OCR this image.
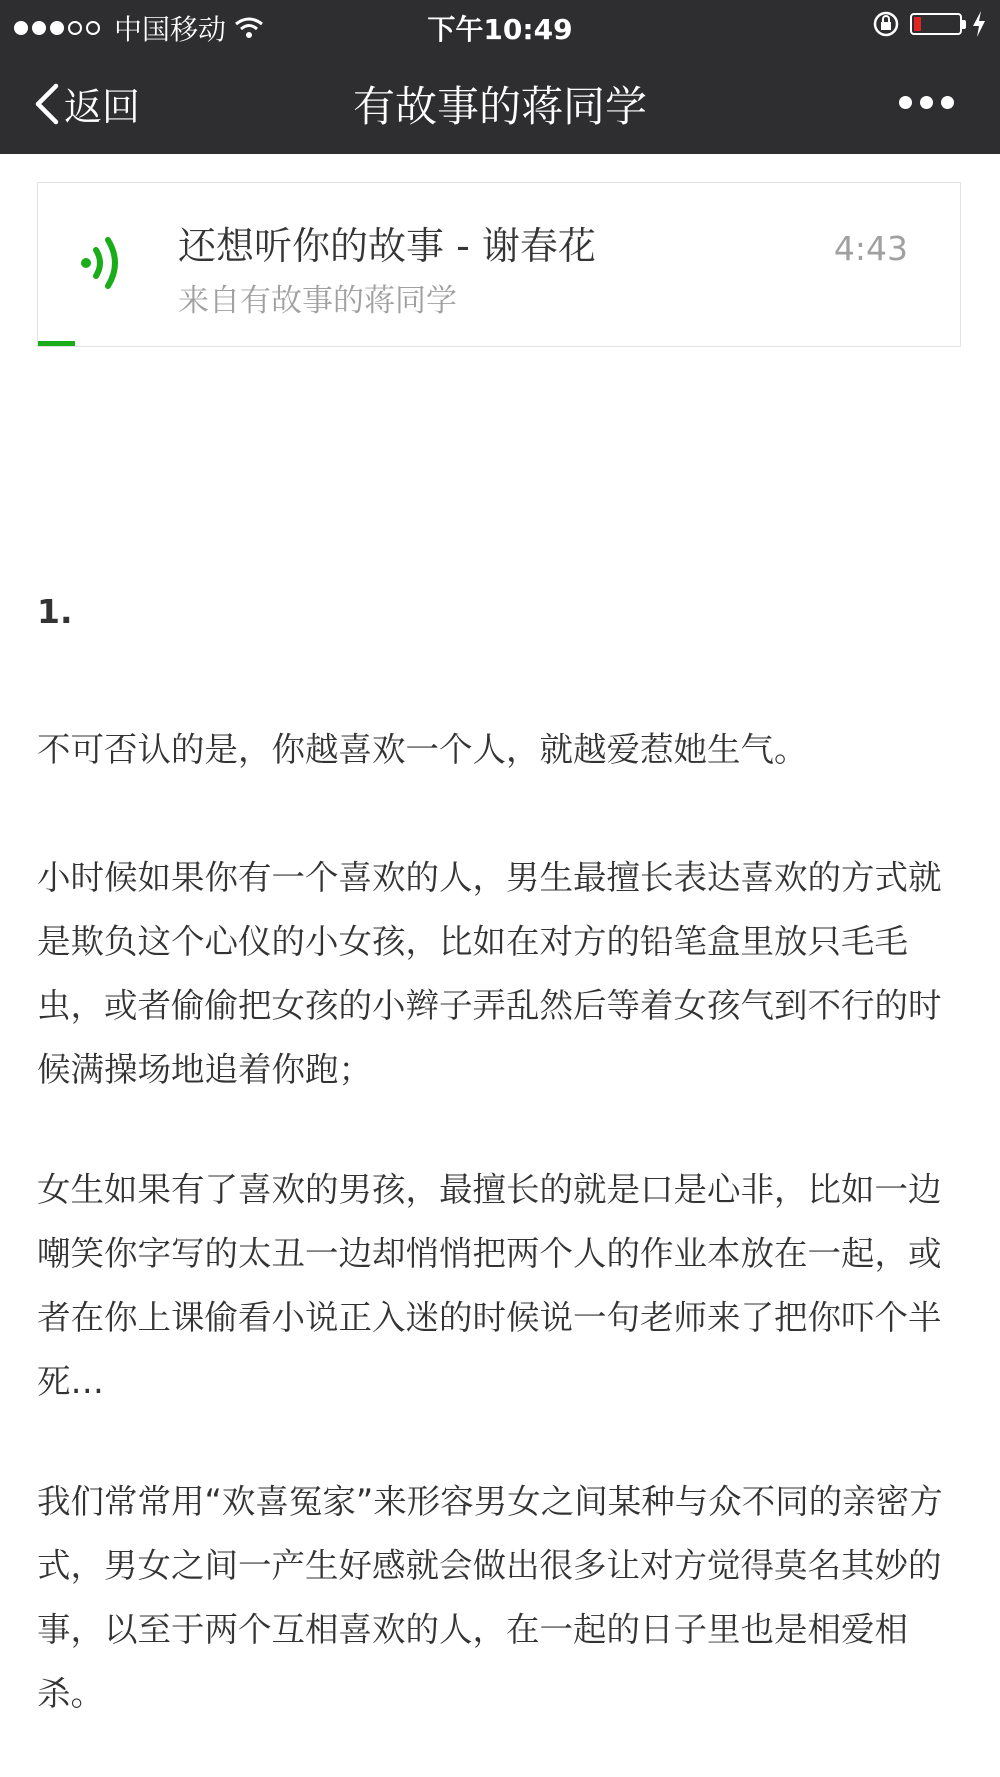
中国移动	下午10:49
返回	有故事的蒋同学
还想听你的故事 - 谢春花
来自有故事的蒋同学
4:43
1.

不可否认的是，你越喜欢一个人，就越爱惹她生气。

小时候如果你有一个喜欢的人，男生最擅长表达喜欢的方式就是欺负这个心仪的小女孩，比如在对方的铅笔盒里放只毛毛虫，或者偷偷把女孩的小辫子弄乱然后等着女孩气到不行的时候满操场地追着你跑；

女生如果有了喜欢的男孩，最擅长的就是口是心非，比如一边嘲笑你字写的太丑一边却悄悄把两个人的作业本放在一起，或者在你上课偷看小说正入迷的时候说一句老师来了把你吓个半死…

我们常常用“欢喜冤家”来形容男女之间某种与众不同的亲密方式，男女之间一产生好感就会做出很多让对方觉得莫名其妙的事，以至于两个互相喜欢的人，在一起的日子里也是相爱相杀。
